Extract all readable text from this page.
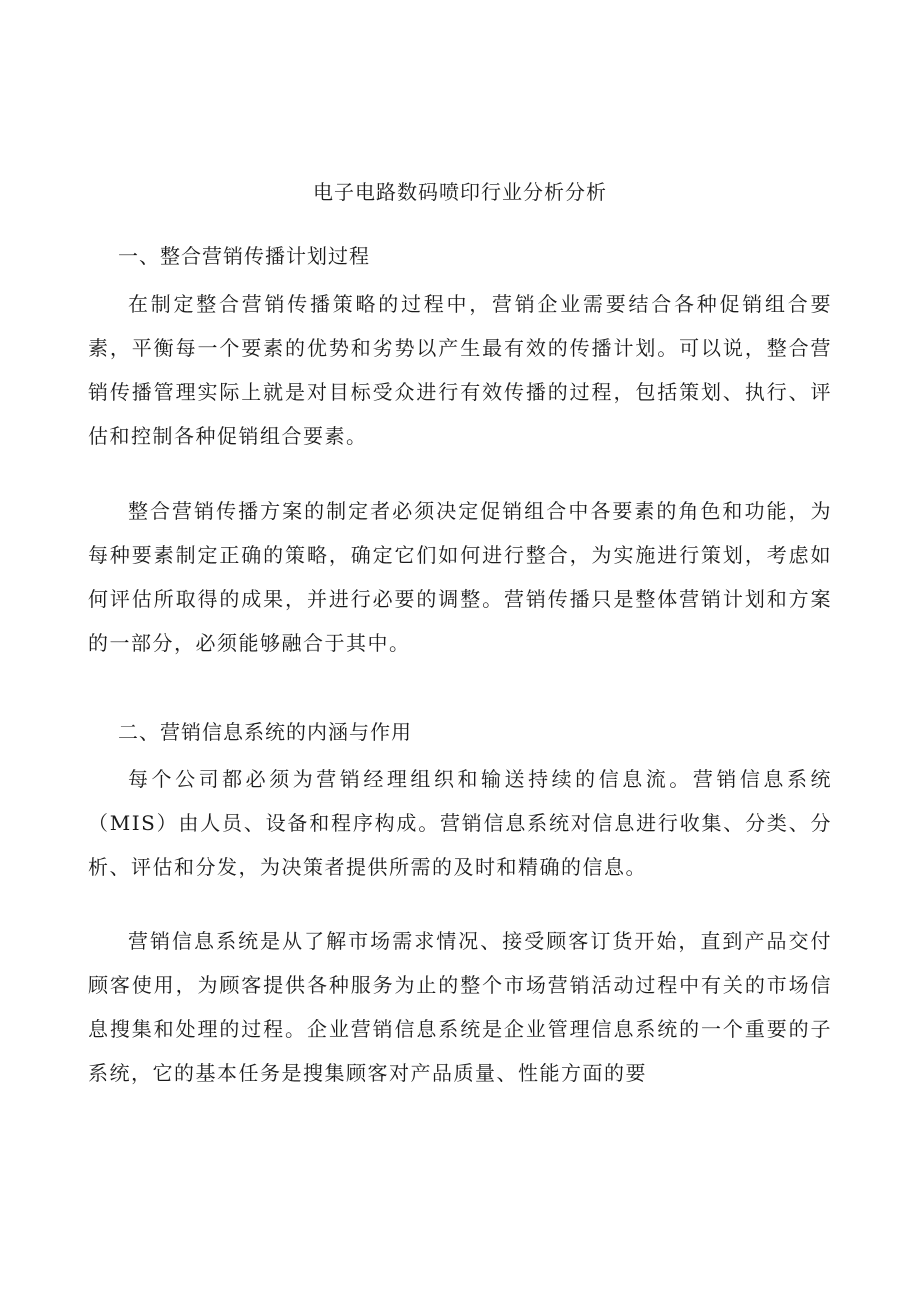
电子电路数码喷印行业分析分析
一、整合营销传播计划过程

在制定整合营销传播策略的过程中，营销企业需要结合各种促销组合要素，平衡每一个要素的优势和劣势以产生最有效的传播计划。可以说，整合营销传播管理实际上就是对目标受众进行有效传播的过程，包括策划、执行、评估和控制各种促销组合要素。

整合营销传播方案的制定者必须决定促销组合中各要素的角色和功能，为每种要素制定正确的策略，确定它们如何进行整合，为实施进行策划，考虑如何评估所取得的成果，并进行必要的调整。营销传播只是整体营销计划和方案的一部分，必须能够融合于其中。

二、营销信息系统的内涵与作用

每个公司都必须为营销经理组织和输送持续的信息流。营销信息系统（MIS）由人员、设备和程序构成。营销信息系统对信息进行收集、分类、分析、评估和分发，为决策者提供所需的及时和精确的信息。

营销信息系统是从了解市场需求情况、接受顾客订货开始，直到产品交付顾客使用，为顾客提供各种服务为止的整个市场营销活动过程中有关的市场信息搜集和处理的过程。企业营销信息系统是企业管理信息系统的一个重要的子系统，它的基本任务是搜集顾客对产品质量、性能方面的要
